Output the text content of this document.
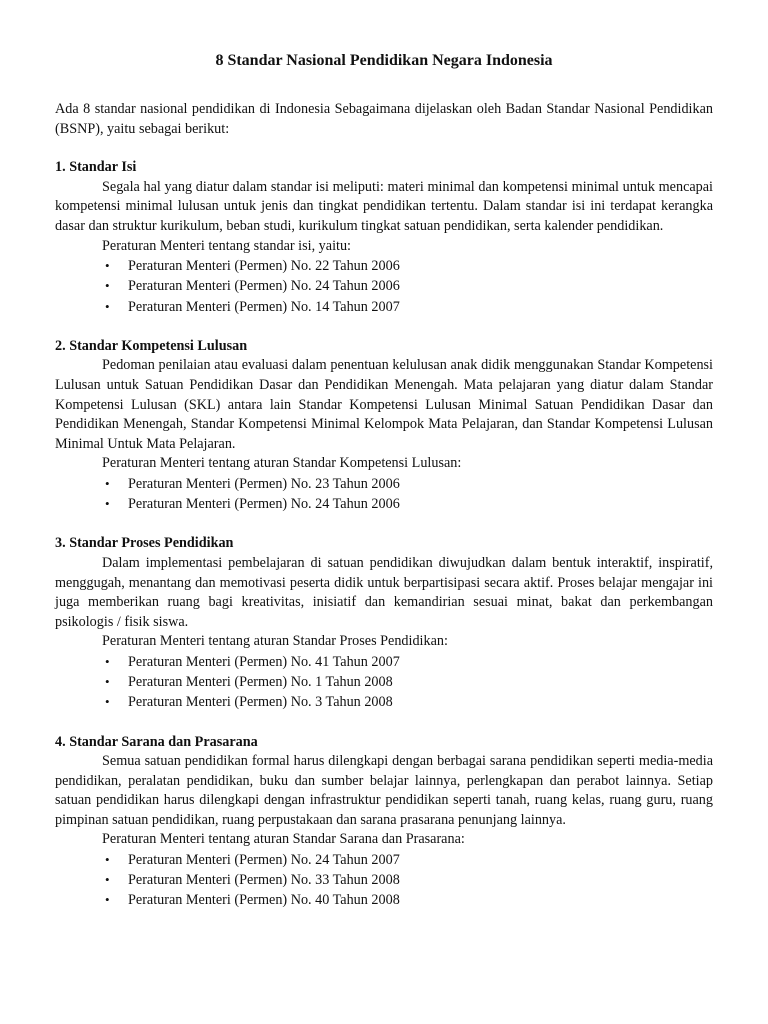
8 Standar Nasional Pendidikan Negara Indonesia

Ada 8 standar nasional pendidikan di Indonesia Sebagaimana dijelaskan oleh Badan Standar Nasional Pendidikan (BSNP), yaitu sebagai berikut:

1. Standar Isi

Segala hal yang diatur dalam standar isi meliputi: materi minimal dan kompetensi minimal untuk mencapai kompetensi minimal lulusan untuk jenis dan tingkat pendidikan tertentu. Dalam standar isi ini terdapat kerangka dasar dan struktur kurikulum, beban studi, kurikulum tingkat satuan pendidikan, serta kalender pendidikan.

Peraturan Menteri tentang standar isi, yaitu:

• Peraturan Menteri (Permen) No. 22 Tahun 2006
• Peraturan Menteri (Permen) No. 24 Tahun 2006
• Peraturan Menteri (Permen) No. 14 Tahun 2007
2. Standar Kompetensi Lulusan

Pedoman penilaian atau evaluasi dalam penentuan kelulusan anak didik menggunakan Standar Kompetensi Lulusan untuk Satuan Pendidikan Dasar dan Pendidikan Menengah. Mata pelajaran yang diatur dalam Standar Kompetensi Lulusan (SKL) antara lain Standar Kompetensi Lulusan Minimal Satuan Pendidikan Dasar dan Pendidikan Menengah, Standar Kompetensi Minimal Kelompok Mata Pelajaran, dan Standar Kompetensi Lulusan Minimal Untuk Mata Pelajaran.

Peraturan Menteri tentang aturan Standar Kompetensi Lulusan:

• Peraturan Menteri (Permen) No. 23 Tahun 2006
• Peraturan Menteri (Permen) No. 24 Tahun 2006
3. Standar Proses Pendidikan

Dalam implementasi pembelajaran di satuan pendidikan diwujudkan dalam bentuk interaktif, inspiratif, menggugah, menantang dan memotivasi peserta didik untuk berpartisipasi secara aktif. Proses belajar mengajar ini juga memberikan ruang bagi kreativitas, inisiatif dan kemandirian sesuai minat, bakat dan perkembangan psikologis / fisik siswa.

Peraturan Menteri tentang aturan Standar Proses Pendidikan:

• Peraturan Menteri (Permen) No. 41 Tahun 2007
• Peraturan Menteri (Permen) No. 1 Tahun 2008
• Peraturan Menteri (Permen) No. 3 Tahun 2008
4. Standar Sarana dan Prasarana

Semua satuan pendidikan formal harus dilengkapi dengan berbagai sarana pendidikan seperti media-media pendidikan, peralatan pendidikan, buku dan sumber belajar lainnya, perlengkapan dan perabot lainnya. Setiap satuan pendidikan harus dilengkapi dengan infrastruktur pendidikan seperti tanah, ruang kelas, ruang guru, ruang pimpinan satuan pendidikan, ruang perpustakaan dan sarana prasarana penunjang lainnya.

Peraturan Menteri tentang aturan Standar Sarana dan Prasarana:

• Peraturan Menteri (Permen) No. 24 Tahun 2007
• Peraturan Menteri (Permen) No. 33 Tahun 2008
• Peraturan Menteri (Permen) No. 40 Tahun 2008
